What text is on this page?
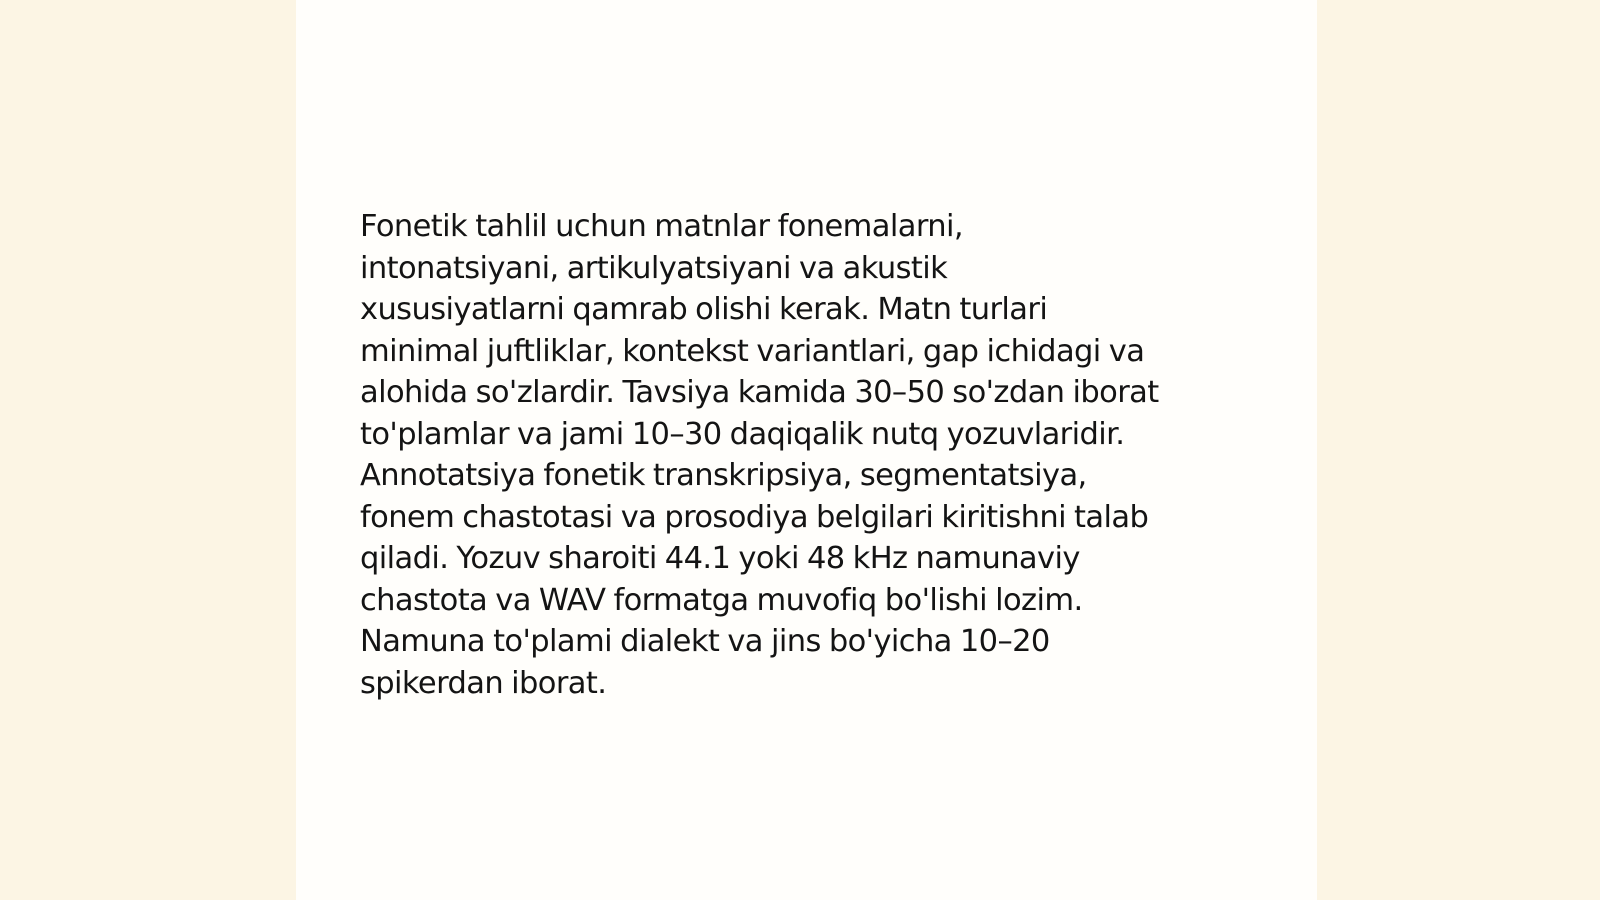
Fonetik tahlil uchun matnlar fonemalarni,
intonatsiyani, artikulyatsiyani va akustik
xususiyatlarni qamrab olishi kerak. Matn turlari
minimal juftliklar, kontekst variantlari, gap ichidagi va
alohida so'zlardir. Tavsiya kamida 30–50 so'zdan iborat
to'plamlar va jami 10–30 daqiqalik nutq yozuvlaridir.
Annotatsiya fonetik transkripsiya, segmentatsiya,
fonem chastotasi va prosodiya belgilari kiritishni talab
qiladi. Yozuv sharoiti 44.1 yoki 48 kHz namunaviy
chastota va WAV formatga muvofiq bo'lishi lozim.
Namuna to'plami dialekt va jins bo'yicha 10–20
spikerdan iborat.
